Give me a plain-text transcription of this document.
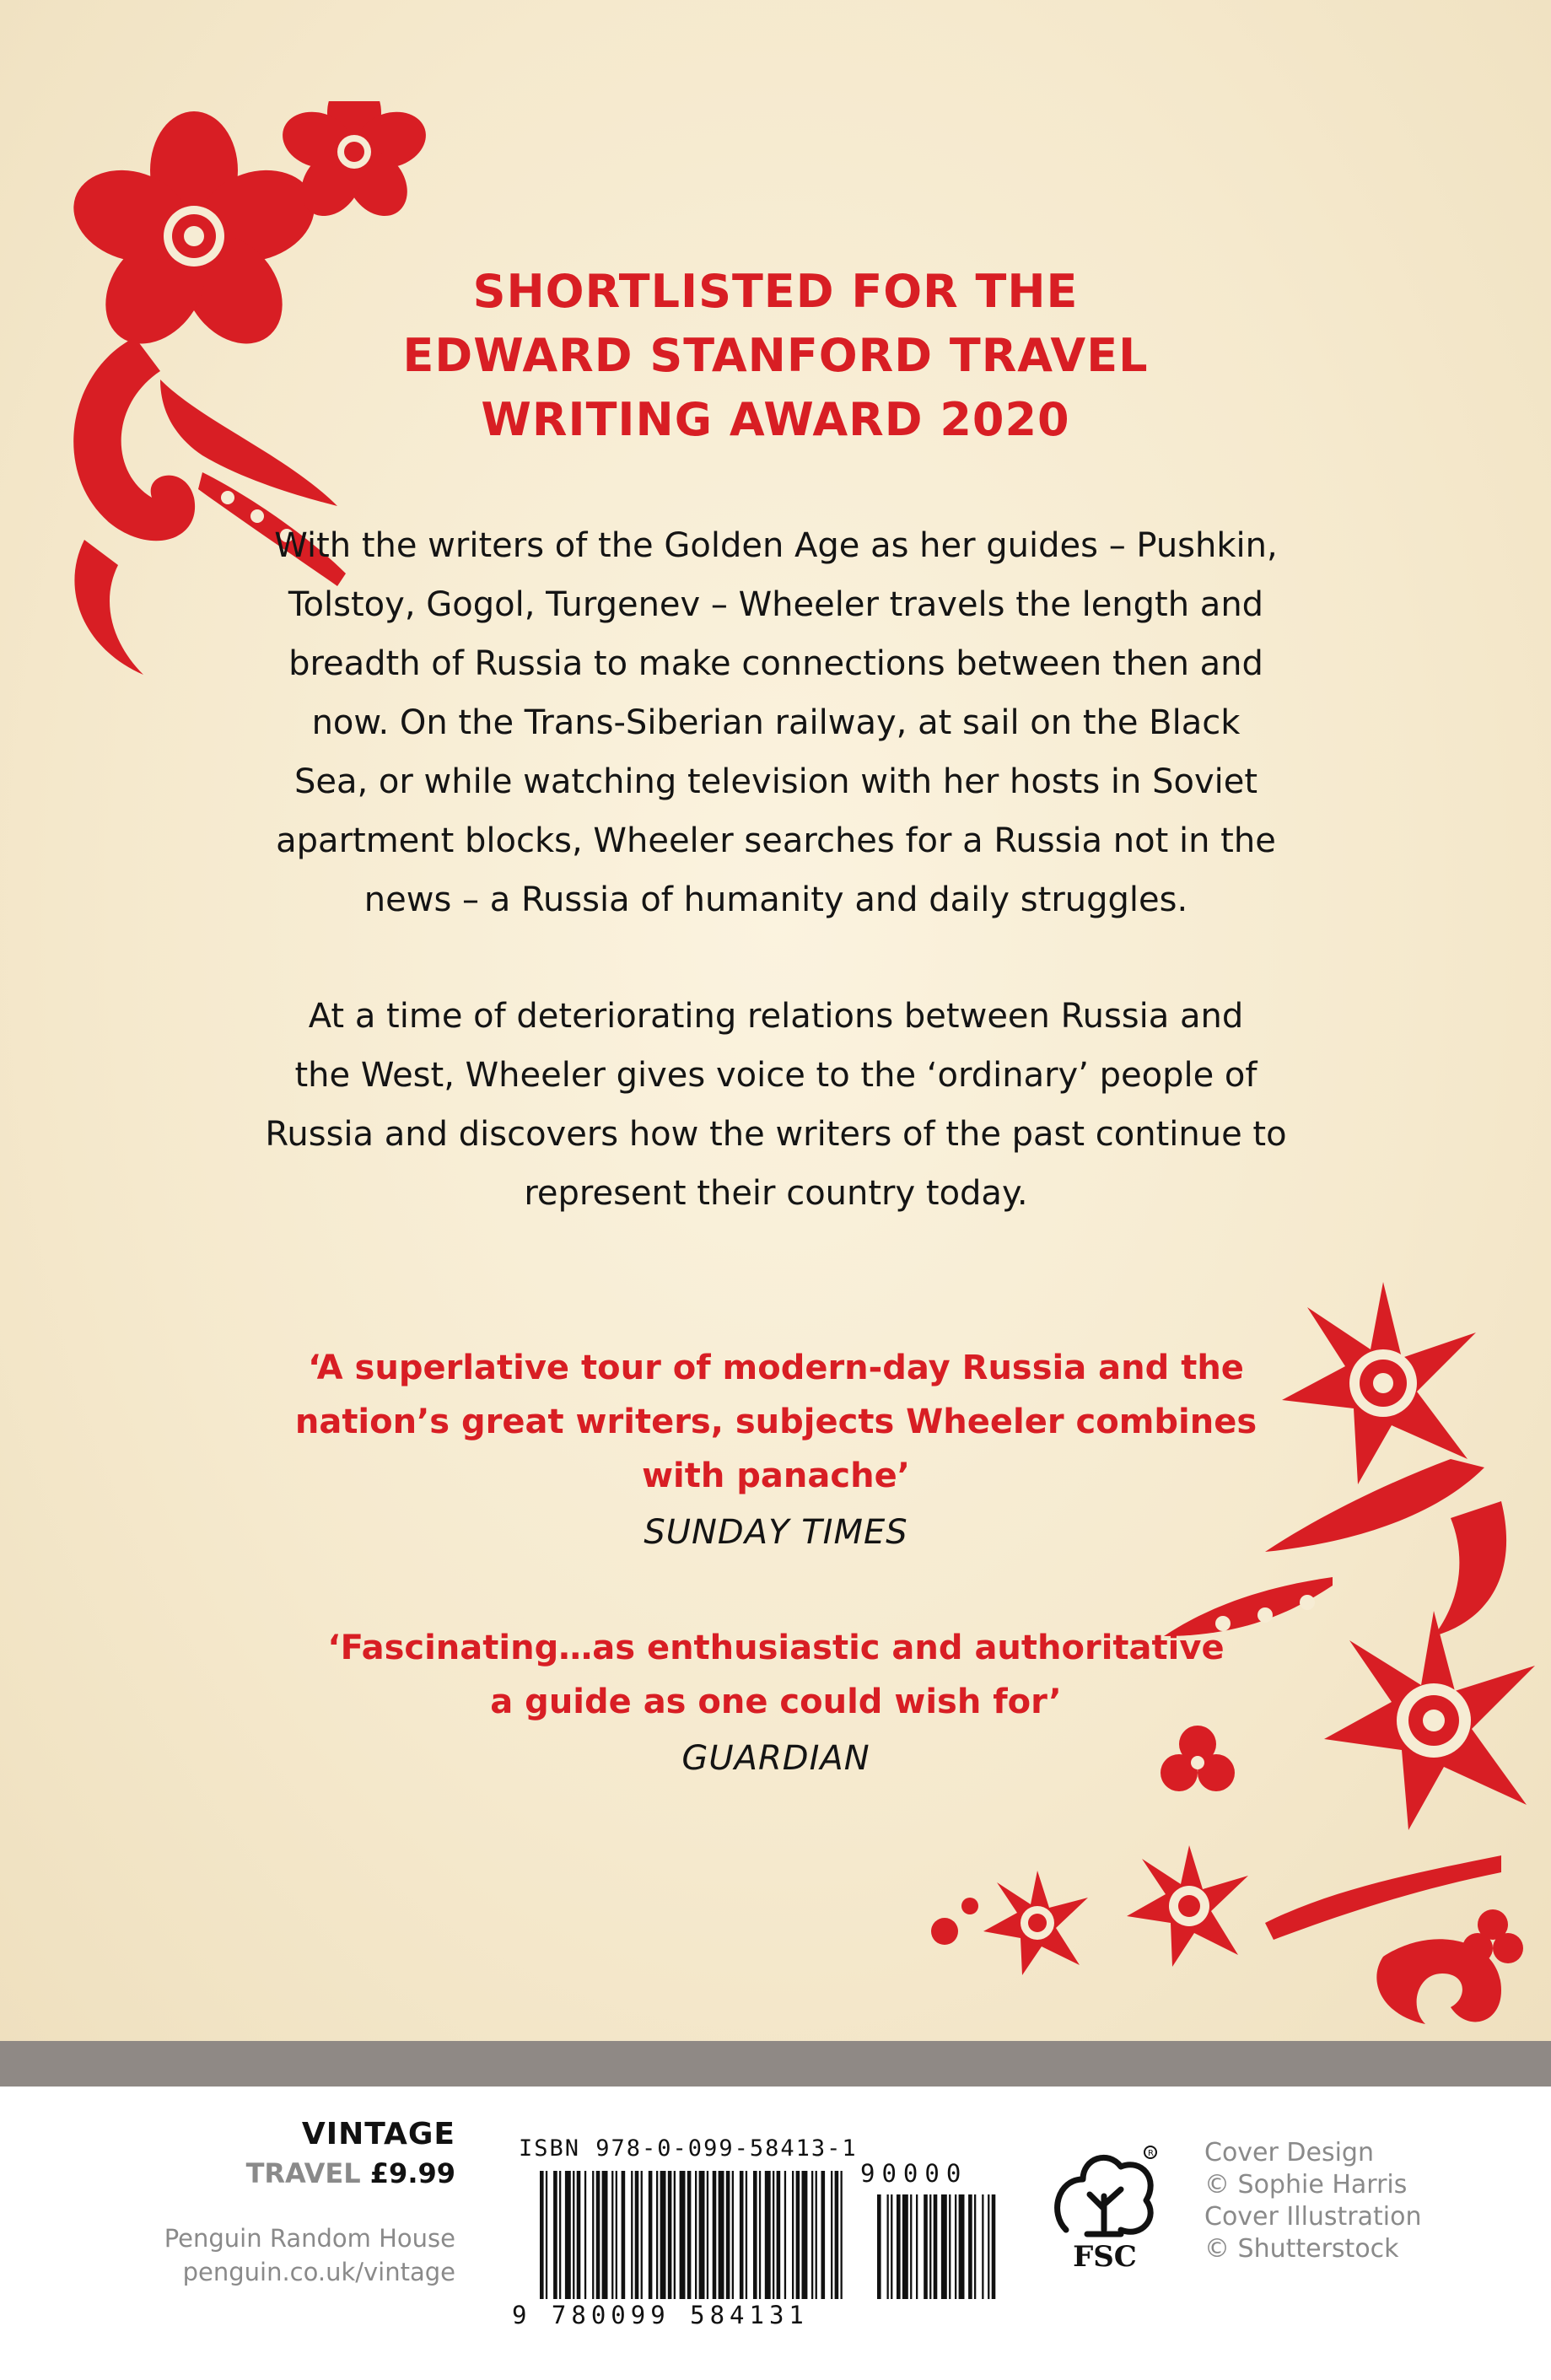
SHORTLISTED FOR THE
EDWARD STANFORD TRAVEL
WRITING AWARD 2020
With the writers of the Golden Age as her guides – Pushkin,
Tolstoy, Gogol, Turgenev – Wheeler travels the length and
breadth of Russia to make connections between then and
now. On the Trans-Siberian railway, at sail on the Black
Sea, or while watching television with her hosts in Soviet
apartment blocks, Wheeler searches for a Russia not in the
news – a Russia of humanity and daily struggles.
At a time of deteriorating relations between Russia and
the West, Wheeler gives voice to the ‘ordinary’ people of
Russia and discovers how the writers of the past continue to
represent their country today.
‘A superlative tour of modern-day Russia and the
nation’s great writers, subjects Wheeler combines
with panache’
SUNDAY TIMES
‘Fascinating…as enthusiastic and authoritative
a guide as one could wish for’
GUARDIAN
VINTAGE
TRAVEL £9.99
Penguin Random House
penguin.co.uk/vintage
ISBN 978-0-099-58413-1
9 780099 584131
90000
R
FSC
Cover Design
© Sophie Harris
Cover Illustration
© Shutterstock
